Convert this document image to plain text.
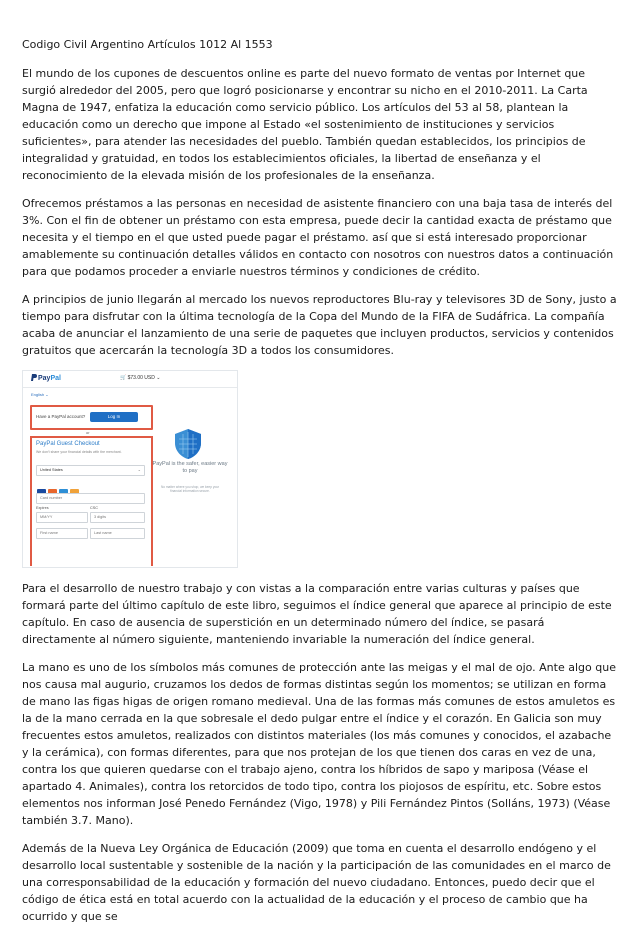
Codigo Civil Argentino Artículos 1012 Al 1553

El mundo de los cupones de descuentos online es parte del nuevo formato de ventas por Internet que surgió alrededor del 2005, pero que logró posicionarse y encontrar su nicho en el 2010-2011. La Carta Magna de 1947, enfatiza la educación como servicio público. Los artículos del 53 al 58, plantean la educación como un derecho que impone al Estado «el sostenimiento de instituciones y servicios suficientes», para atender las necesidades del pueblo. También quedan establecidos, los principios de integralidad y gratuidad, en todos los establecimientos oficiales, la libertad de enseñanza y el reconocimiento de la elevada misión de los profesionales de la enseñanza.

Ofrecemos préstamos a las personas en necesidad de asistente financiero con una baja tasa de interés del 3%. Con el fin de obtener un préstamo con esta empresa, puede decir la cantidad exacta de préstamo que necesita y el tiempo en el que usted puede pagar el préstamo. así que si está interesado proporcionar amablemente su continuación detalles válidos en contacto con nosotros con nuestros datos a continuación para que podamos proceder a enviarle nuestros términos y condiciones de crédito.

A principios de junio llegarán al mercado los nuevos reproductores Blu-ray y televisores 3D de Sony, justo a tiempo para disfrutar con la última tecnología de la Copa del Mundo de la FIFA de Sudáfrica. La compañía acaba de anunciar el lanzamiento de una serie de paquetes que incluyen productos, servicios y contenidos gratuitos que acercarán la tecnología 3D a todos los consumidores.

PayPal	🛒 $73.00 USD ⌄
English ⌄
Have a PayPal account?	Log In
or
PayPal Guest Checkout
We don't share your financial details with the merchant.
United States	⌄
Card number
Expires	CSC
MM/YY	3 digits
First name	Last name
PayPal is the safer, easier way to pay
No matter where you shop, we keep your financial information secure.

Para el desarrollo de nuestro trabajo y con vistas a la comparación entre varias culturas y países que formará parte del último capítulo de este libro, seguimos el índice general que aparece al principio de este capítulo. En caso de ausencia de superstición en un determinado número del índice, se pasará directamente al número siguiente, manteniendo invariable la numeración del índice general.

La mano es uno de los símbolos más comunes de protección ante las meigas y el mal de ojo. Ante algo que nos causa mal augurio, cruzamos los dedos de formas distintas según los momentos; se utilizan en forma de mano las figas higas de origen romano medieval. Una de las formas más comunes de estos amuletos es la de la mano cerrada en la que sobresale el dedo pulgar entre el índice y el corazón. En Galicia son muy frecuentes estos amuletos, realizados con distintos materiales (los más comunes y conocidos, el azabache y la cerámica), con formas diferentes, para que nos protejan de los que tienen dos caras en vez de una, contra los que quieren quedarse con el trabajo ajeno, contra los híbridos de sapo y mariposa (Véase el apartado 4. Animales), contra los retorcidos de todo tipo, contra los piojosos de espíritu, etc. Sobre estos elementos nos informan José Penedo Fernández (Vigo, 1978) y Pili Fernández Pintos (Solláns, 1973) (Véase también 3.7. Mano).

Además de la Nueva Ley Orgánica de Educación (2009) que toma en cuenta el desarrollo endógeno y el desarrollo local sustentable y sostenible de la nación y la participación de las comunidades en el marco de una corresponsabilidad de la educación y formación del nuevo ciudadano. Entonces, puedo decir que el código de ética está en total acuerdo con la actualidad de la educación y el proceso de cambio que ha ocurrido y que se
